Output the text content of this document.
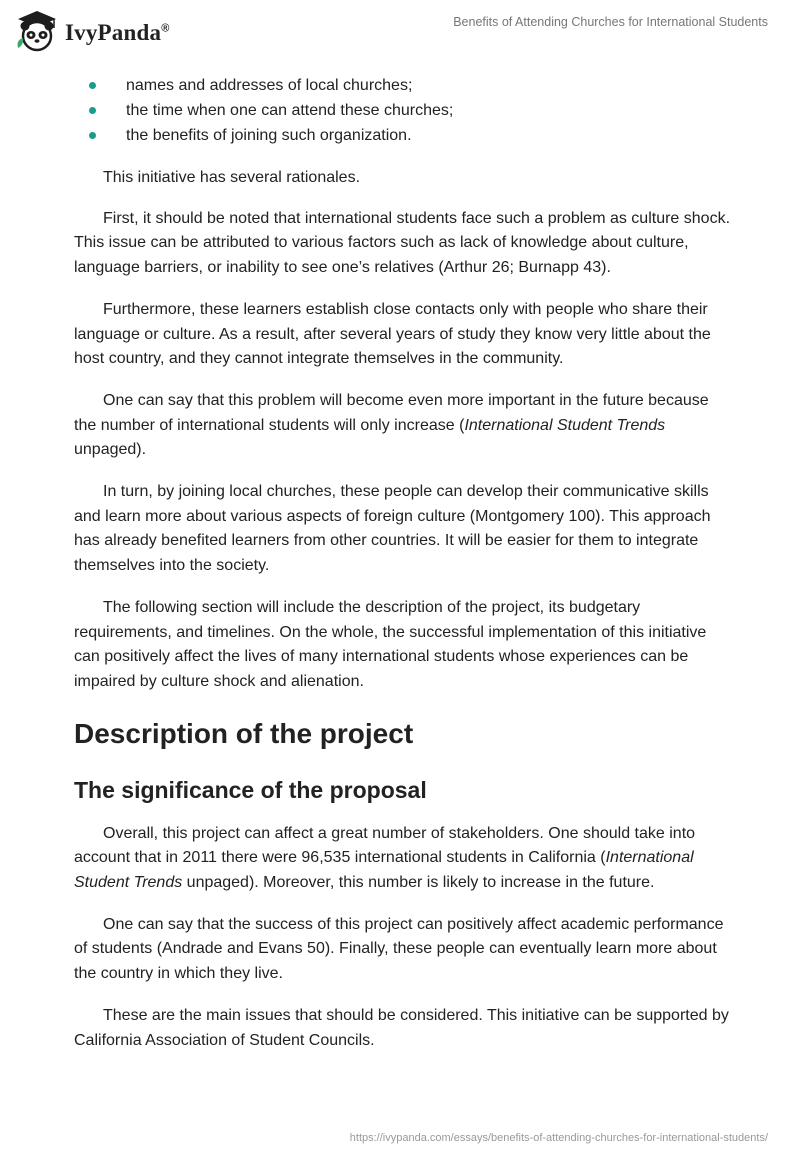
IvyPanda®	Benefits of Attending Churches for International Students
names and addresses of local churches;
the time when one can attend these churches;
the benefits of joining such organization.

This initiative has several rationales.

First, it should be noted that international students face such a problem as culture shock. This issue can be attributed to various factors such as lack of knowledge about culture, language barriers, or inability to see one’s relatives (Arthur 26; Burnapp 43).

Furthermore, these learners establish close contacts only with people who share their language or culture. As a result, after several years of study they know very little about the host country, and they cannot integrate themselves in the community.

One can say that this problem will become even more important in the future because the number of international students will only increase (International Student Trends unpaged).

In turn, by joining local churches, these people can develop their communicative skills and learn more about various aspects of foreign culture (Montgomery 100). This approach has already benefited learners from other countries. It will be easier for them to integrate themselves into the society.

The following section will include the description of the project, its budgetary requirements, and timelines. On the whole, the successful implementation of this initiative can positively affect the lives of many international students whose experiences can be impaired by culture shock and alienation.

Description of the project
The significance of the proposal

Overall, this project can affect a great number of stakeholders. One should take into account that in 2011 there were 96,535 international students in California (International Student Trends unpaged). Moreover, this number is likely to increase in the future.

One can say that the success of this project can positively affect academic performance of students (Andrade and Evans 50). Finally, these people can eventually learn more about the country in which they live.

These are the main issues that should be considered. This initiative can be supported by California Association of Student Councils.

https://ivypanda.com/essays/benefits-of-attending-churches-for-international-students/
